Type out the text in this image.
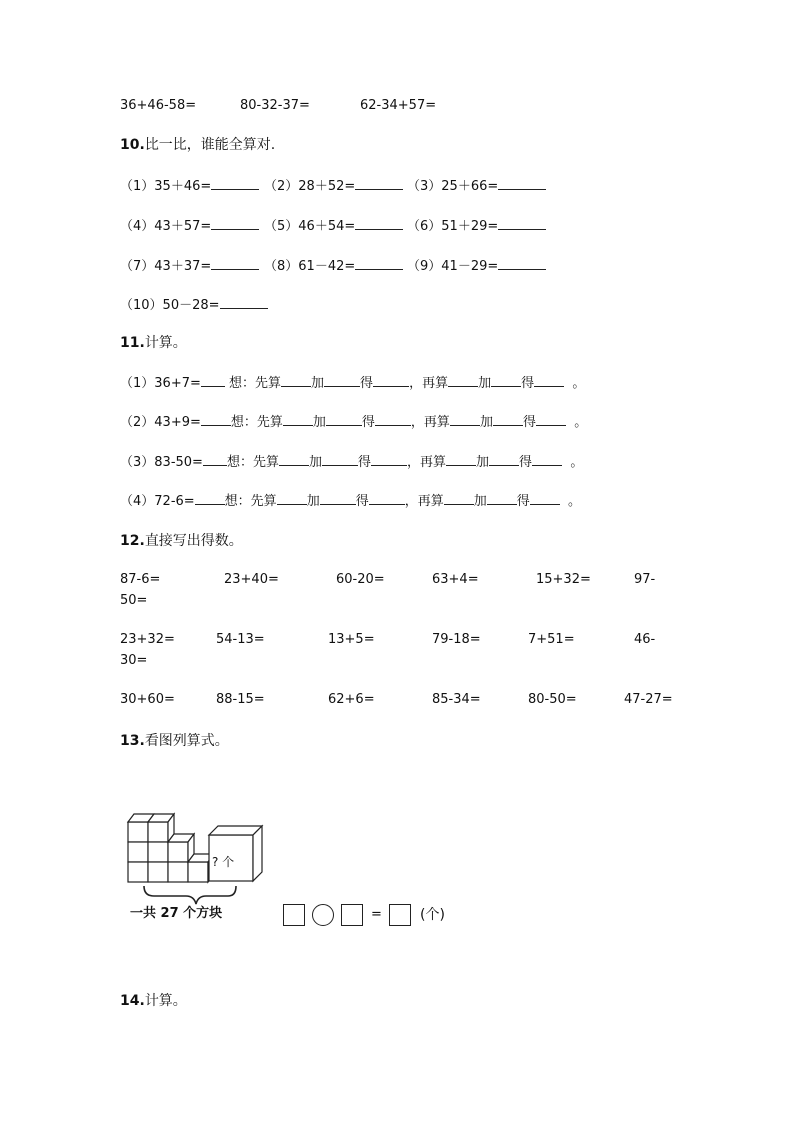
36+46-58=	80-32-37=	62-34+57=
10.比一比，谁能全算对.
（1）35＋46=	（2）28＋52=	（3）25＋66=
（4）43＋57=	（5）46＋54=	（6）51＋29=
（7）43＋37=	（8）61－42=	（9）41－29=
（10）50－28=
11.计算。
（1）36+7= 想：先算 加	得	，再算 加 得	。
（2）43+9= 想：先算 加	得	，再算 加 得	。
（3）83-50= 想：先算 加	得	，再算 加 得	。
（4）72-6= 想：先算 加	得	，再算 加 得	。
12.直接写出得数。
87-6=	23+40=	60-20=	63+4=	15+32=	97-
50=
23+32=	54-13=	13+5=	79-18=	7+51=	46-
30=
30+60=	88-15=	62+6=	85-34=	80-50=	47-27=
13.看图列算式。
? 个
一共 27 个方块	=	(个)
14.计算。
